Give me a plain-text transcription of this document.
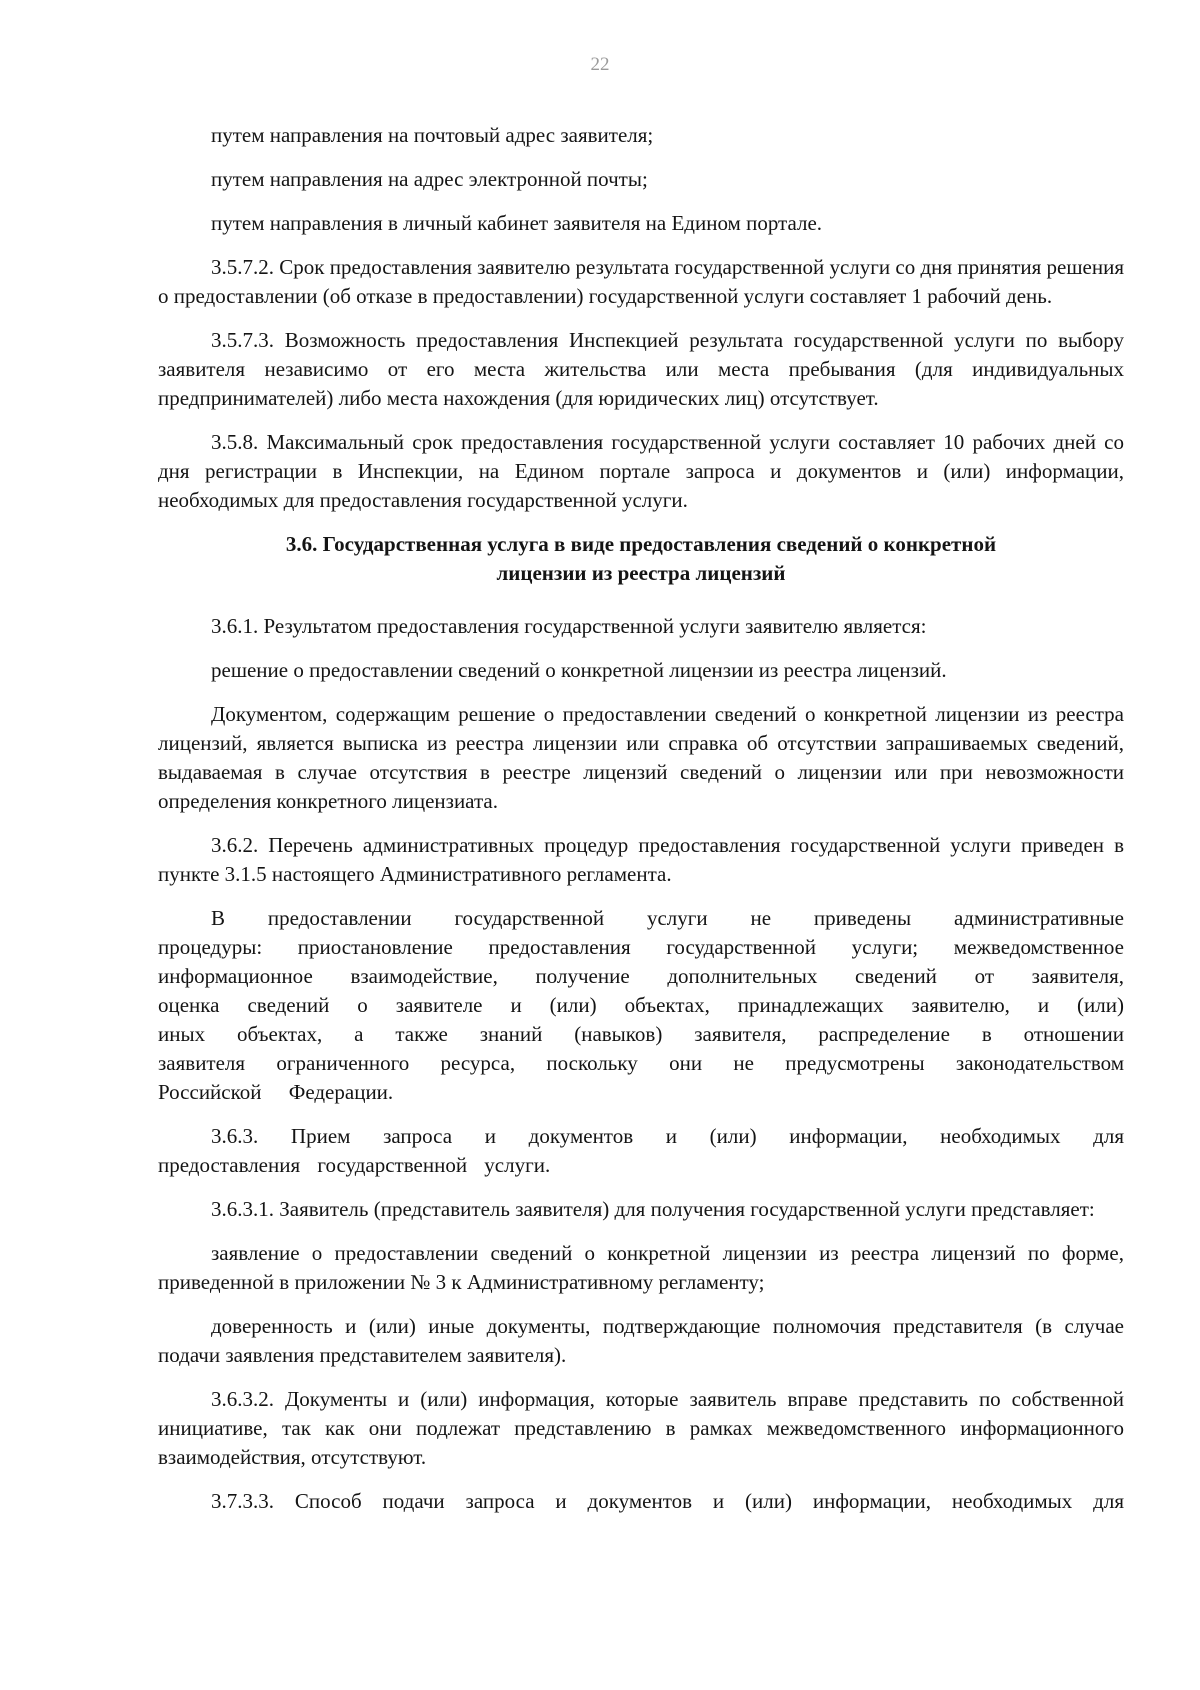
22

путем направления на почтовый адрес заявителя;

путем направления на адрес электронной почты;

путем направления в личный кабинет заявителя на Едином портале.

3.5.7.2. Срок предоставления заявителю результата государственной услуги со дня принятия решения о предоставлении (об отказе в предоставлении) государственной услуги составляет 1 рабочий день.

3.5.7.3. Возможность предоставления Инспекцией результата государственной услуги по выбору заявителя независимо от его места жительства или места пребывания (для индивидуальных предпринимателей) либо места нахождения (для юридических лиц) отсутствует.

3.5.8. Максимальный срок предоставления государственной услуги составляет 10 рабочих дней со дня регистрации в Инспекции, на Едином портале запроса и документов и (или) информации, необходимых для предоставления государственной услуги.

3.6. Государственная услуга в виде предоставления сведений о конкретной
лицензии из реестра лицензий

3.6.1. Результатом предоставления государственной услуги заявителю является:

решение о предоставлении сведений о конкретной лицензии из реестра лицензий.

Документом, содержащим решение о предоставлении сведений о конкретной лицензии из реестра лицензий, является выписка из реестра лицензии или справка об отсутствии запрашиваемых сведений, выдаваемая в случае отсутствия в реестре лицензий сведений о лицензии или при невозможности определения конкретного лицензиата.

3.6.2. Перечень административных процедур предоставления государственной услуги приведен в пункте 3.1.5 настоящего Административного регламента.

В предоставлении государственной услуги не приведены административные процедуры: приостановление предоставления государственной услуги; межведомственное информационное взаимодействие, получение дополнительных сведений от заявителя, оценка сведений о заявителе и (или) объектах, принадлежащих заявителю, и (или) иных объектах, а также знаний (навыков) заявителя, распределение в отношении заявителя ограниченного ресурса, поскольку они не предусмотрены законодательством Российской Федерации.

3.6.3. Прием запроса и документов и (или) информации, необходимых для предоставления государственной услуги.

3.6.3.1. Заявитель (представитель заявителя) для получения государственной услуги представляет:

заявление о предоставлении сведений о конкретной лицензии из реестра лицензий по форме, приведенной в приложении № 3 к Административному регламенту;

доверенность и (или) иные документы, подтверждающие полномочия представителя (в случае подачи заявления представителем заявителя).

3.6.3.2. Документы и (или) информация, которые заявитель вправе представить по собственной инициативе, так как они подлежат представлению в рамках межведомственного информационного взаимодействия, отсутствуют.

3.7.3.3. Способ подачи запроса и документов и (или) информации, необходимых для
